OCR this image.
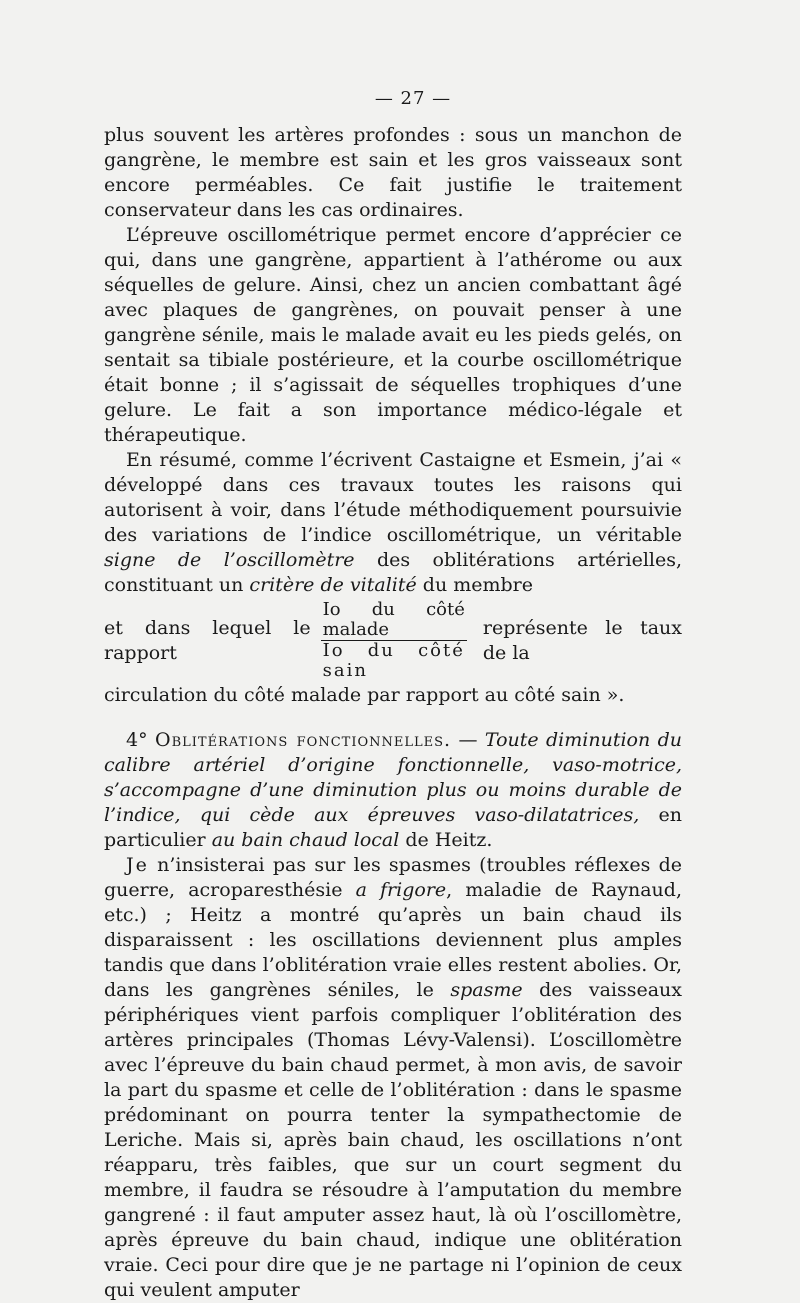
— 27 —

plus souvent les artères profondes : sous un manchon de gangrène, le membre est sain et les gros vaisseaux sont encore perméables. Ce fait justifie le traitement conservateur dans les cas ordinaires.

L’épreuve oscillométrique permet encore d’apprécier ce qui, dans une gangrène, appartient à l’athérome ou aux séquelles de gelure. Ainsi, chez un ancien combattant âgé avec plaques de gangrènes, on pouvait penser à une gangrène sénile, mais le malade avait eu les pieds gelés, on sentait sa tibiale postérieure, et la courbe oscillométrique était bonne ; il s’agissait de séquelles trophiques d’une gelure. Le fait a son importance médico-légale et thérapeutique.

En résumé, comme l’écrivent Castaigne et Esmein, j’ai « développé dans ces travaux toutes les raisons qui autorisent à voir, dans l’étude méthodiquement poursuivie des variations de l’indice oscillométrique, un véritable signe de l’oscillomètre des oblitérations artérielles, constituant un critère de vitalité du membre

et dans lequel le rapport	$\frac{\text{Io du côté malade}}{\text{Io du côté sain}}$ représente le taux de la

circulation du côté malade par rapport au côté sain ».

4° Oblitérations fonctionnelles. — Toute diminution du calibre artériel d’origine fonctionnelle, vaso-motrice, s’accompagne d’une diminution plus ou moins durable de l’indice, qui cède aux épreuves vaso-dilatatrices, en particulier au bain chaud local de Heitz.

Je n’insisterai pas sur les spasmes (troubles réflexes de guerre, acroparesthésie a frigore, maladie de Raynaud, etc.) ; Heitz a montré qu’après un bain chaud ils disparaissent : les oscillations deviennent plus amples tandis que dans l’oblitération vraie elles restent abolies. Or, dans les gangrènes séniles, le spasme des vaisseaux périphériques vient parfois compliquer l’oblitération des artères principales (Thomas Lévy-Valensi). L’oscillomètre avec l’épreuve du bain chaud permet, à mon avis, de savoir la part du spasme et celle de l’oblitération : dans le spasme prédominant on pourra tenter la sympathectomie de Leriche. Mais si, après bain chaud, les oscillations n’ont réapparu, très faibles, que sur un court segment du membre, il faudra se résoudre à l’amputation du membre gangrené : il faut amputer assez haut, là où l’oscillomètre, après épreuve du bain chaud, indique une oblitération vraie. Ceci pour dire que je ne partage ni l’opinion de ceux qui veulent amputer
